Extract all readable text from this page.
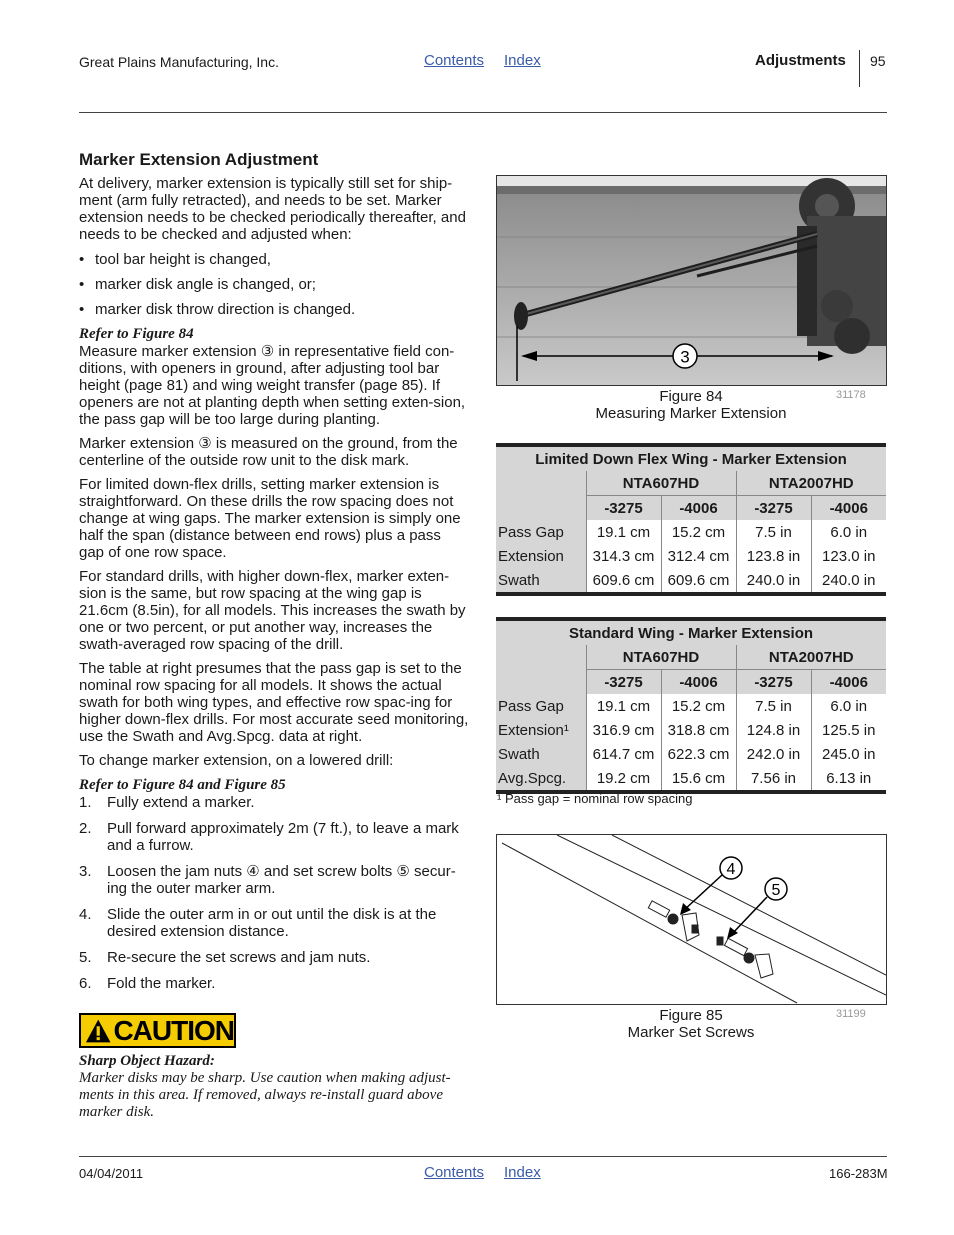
Great Plains Manufacturing, Inc.	Contents Index	Adjustments 95
Marker Extension Adjustment

At delivery, marker extension is typically still set for ship-ment (arm fully retracted), and needs to be set. Marker extension needs to be checked periodically thereafter, and needs to be checked and adjusted when:

• tool bar height is changed,
• marker disk angle is changed, or;
• marker disk throw direction is changed.
Refer to Figure 84

Measure marker extension ③ in representative field con-ditions, with openers in ground, after adjusting tool bar height (page 81) and wing weight transfer (page 85). If openers are not at planting depth when setting exten-sion, the pass gap will be too large during planting.

Marker extension ③ is measured on the ground, from the centerline of the outside row unit to the disk mark.

For limited down-flex drills, setting marker extension is straightforward. On these drills the row spacing does not change at wing gaps. The marker extension is simply one half the span (distance between end rows) plus a pass gap of one row space.

For standard drills, with higher down-flex, marker exten-sion is the same, but row spacing at the wing gap is 21.6cm (8.5in), for all models. This increases the swath by one or two percent, or put another way, increases the swath-averaged row spacing of the drill.

The table at right presumes that the pass gap is set to the nominal row spacing for all models. It shows the actual swath for both wing types, and effective row spac-ing for higher down-flex drills. For most accurate seed monitoring, use the Swath and Avg.Spcg. data at right.

To change marker extension, on a lowered drill:

Refer to Figure 84 and Figure 85
1.	Fully extend a marker.
2.	Pull forward approximately 2m (7 ft.), to leave a mark and a furrow.
3.	Loosen the jam nuts ④ and set screw bolts ⑤ secur-ing the outer marker arm.
4.	Slide the outer arm in or out until the disk is at the desired extension distance.
5.	Re-secure the set screws and jam nuts.
6.	Fold the marker.
CAUTION
Sharp Object Hazard:
Marker disks may be sharp. Use caution when making adjust-ments in this area. If removed, always re-install guard above marker disk.
3
Figure 84
Measuring Marker Extension
31178
Limited Down Flex Wing - Marker Extension				
	NTA607HD		NTA2007HD	
	-3275	-4006	-3275	-4006
Pass Gap	19.1 cm	15.2 cm	7.5 in	6.0 in
Extension	314.3 cm	312.4 cm	123.8 in	123.0 in
Swath	609.6 cm	609.6 cm	240.0 in	240.0 in
Standard Wing - Marker Extension				
	NTA607HD		NTA2007HD	
	-3275	-4006	-3275	-4006
Pass Gap	19.1 cm	15.2 cm	7.5 in	6.0 in
Extension¹	316.9 cm	318.8 cm	124.8 in	125.5 in
Swath	614.7 cm	622.3 cm	242.0 in	245.0 in
Avg.Spcg.	19.2 cm	15.6 cm	7.56 in	6.13 in
¹ Pass gap = nominal row spacing
4
5
Figure 85
Marker Set Screws
31199
04/04/2011	Contents Index	166-283M
